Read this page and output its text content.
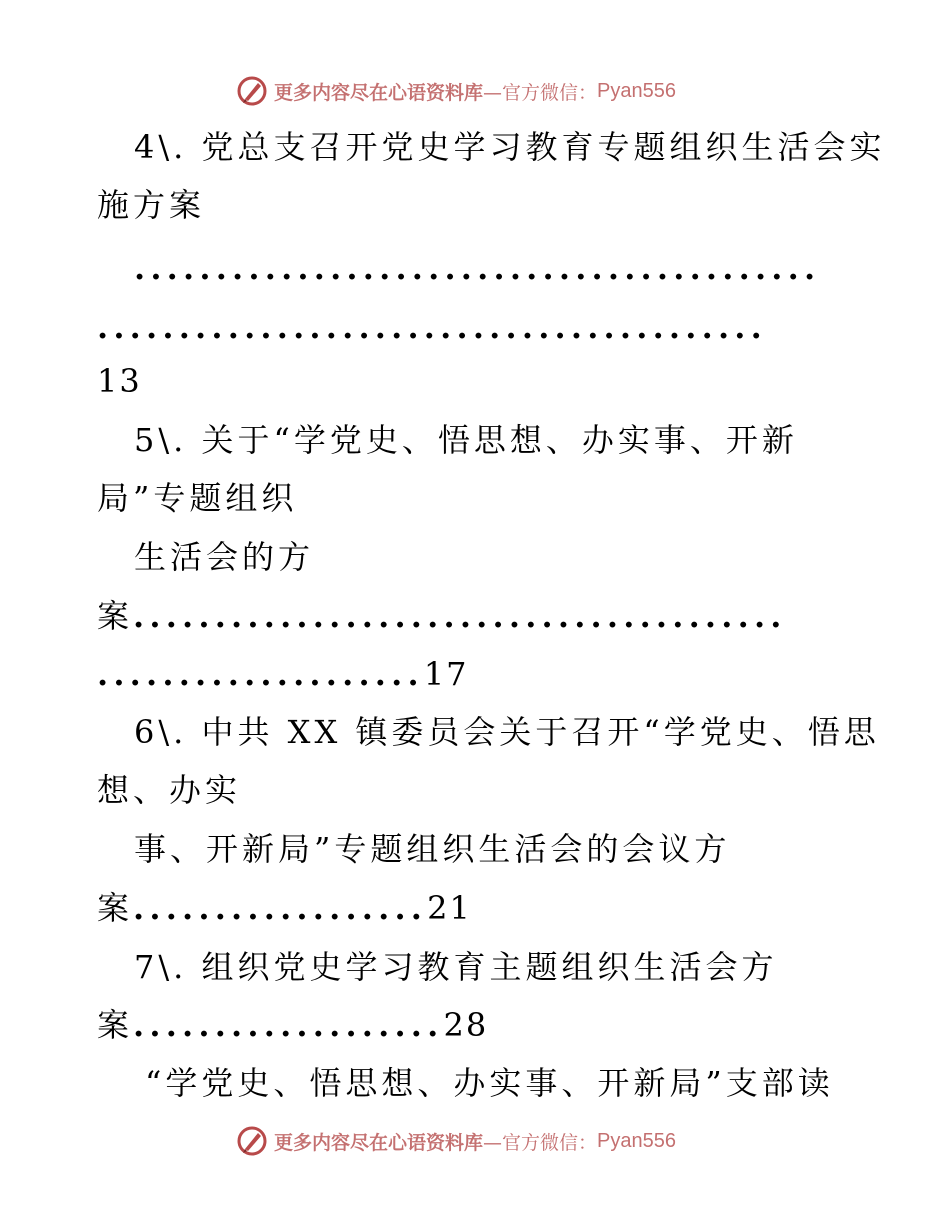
更多内容尽在心语资料库 —官方微信： Pyan556
4\. 党总支召开党史学习教育专题组织生活会实
施方案
..........................................
.........................................
13
5\. 关于“学党史、悟思想、办实事、开新
局”专题组织
生活会的方
案........................................
....................17
6\. 中共 XX 镇委员会关于召开“学党史、悟思
想、办实
事、开新局”专题组织生活会的会议方
案..................21
7\. 组织党史学习教育主题组织生活会方
案...................28
“学党史、悟思想、办实事、开新局”支部读
更多内容尽在心语资料库 —官方微信： Pyan556
